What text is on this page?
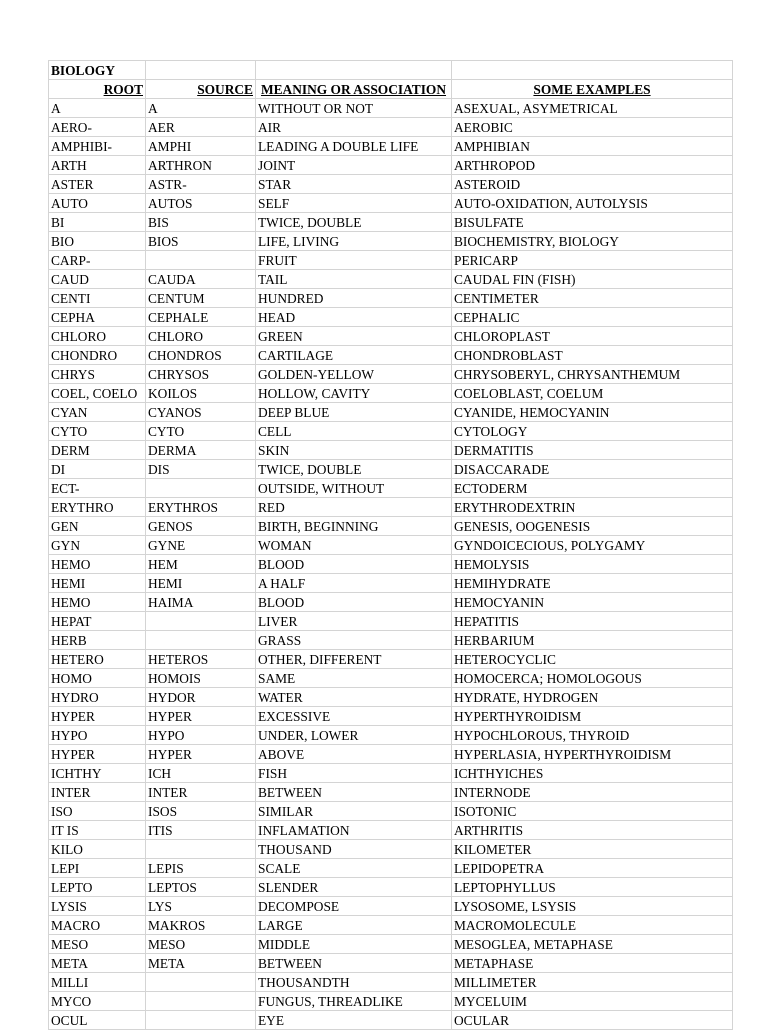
BIOLOGY			
ROOT	SOURCE	MEANING OR ASSOCIATION	SOME EXAMPLES
A	A	WITHOUT OR NOT	ASEXUAL, ASYMETRICAL
AERO-	AER	AIR	AEROBIC
AMPHIBI-	AMPHI	LEADING A DOUBLE LIFE	AMPHIBIAN
ARTH	ARTHRON	JOINT	ARTHROPOD
ASTER	ASTR-	STAR	ASTEROID
AUTO	AUTOS	SELF	AUTO-OXIDATION, AUTOLYSIS
BI	BIS	TWICE, DOUBLE	BISULFATE
BIO	BIOS	LIFE, LIVING	BIOCHEMISTRY, BIOLOGY
CARP-		FRUIT	PERICARP
CAUD	CAUDA	TAIL	CAUDAL FIN (FISH)
CENTI	CENTUM	HUNDRED	CENTIMETER
CEPHA	CEPHALE	HEAD	CEPHALIC
CHLORO	CHLORO	GREEN	CHLOROPLAST
CHONDRO	CHONDROS	CARTILAGE	CHONDROBLAST
CHRYS	CHRYSOS	GOLDEN-YELLOW	CHRYSOBERYL, CHRYSANTHEMUM
COEL, COELO	KOILOS	HOLLOW, CAVITY	COELOBLAST, COELUM
CYAN	CYANOS	DEEP BLUE	CYANIDE, HEMOCYANIN
CYTO	CYTO	CELL	CYTOLOGY
DERM	DERMA	SKIN	DERMATITIS
DI	DIS	TWICE, DOUBLE	DISACCARADE
ECT-		OUTSIDE, WITHOUT	ECTODERM
ERYTHRO	ERYTHROS	RED	ERYTHRODEXTRIN
GEN	GENOS	BIRTH, BEGINNING	GENESIS, OOGENESIS
GYN	GYNE	WOMAN	GYNDOICECIOUS, POLYGAMY
HEMO	HEM	BLOOD	HEMOLYSIS
HEMI	HEMI	A HALF	HEMIHYDRATE
HEMO	HAIMA	BLOOD	HEMOCYANIN
HEPAT		LIVER	HEPATITIS
HERB		GRASS	HERBARIUM
HETERO	HETEROS	OTHER, DIFFERENT	HETEROCYCLIC
HOMO	HOMOIS	SAME	HOMOCERCA; HOMOLOGOUS
HYDRO	HYDOR	WATER	HYDRATE, HYDROGEN
HYPER	HYPER	EXCESSIVE	HYPERTHYROIDISM
HYPO	HYPO	UNDER, LOWER	HYPOCHLOROUS, THYROID
HYPER	HYPER	ABOVE	HYPERLASIA, HYPERTHYROIDISM
ICHTHY	ICH	FISH	ICHTHYICHES
INTER	INTER	BETWEEN	INTERNODE
ISO	ISOS	SIMILAR	ISOTONIC
IT IS	ITIS	INFLAMATION	ARTHRITIS
KILO		THOUSAND	KILOMETER
LEPI	LEPIS	SCALE	LEPIDOPETRA
LEPTO	LEPTOS	SLENDER	LEPTOPHYLLUS
LYSIS	LYS	DECOMPOSE	LYSOSOME, LSYSIS
MACRO	MAKROS	LARGE	MACROMOLECULE
MESO	MESO	MIDDLE	MESOGLEA, METAPHASE
META	META	BETWEEN	METAPHASE
MILLI		THOUSANDTH	MILLIMETER
MYCO		FUNGUS, THREADLIKE	MYCELUIM
OCUL		EYE	OCULAR
